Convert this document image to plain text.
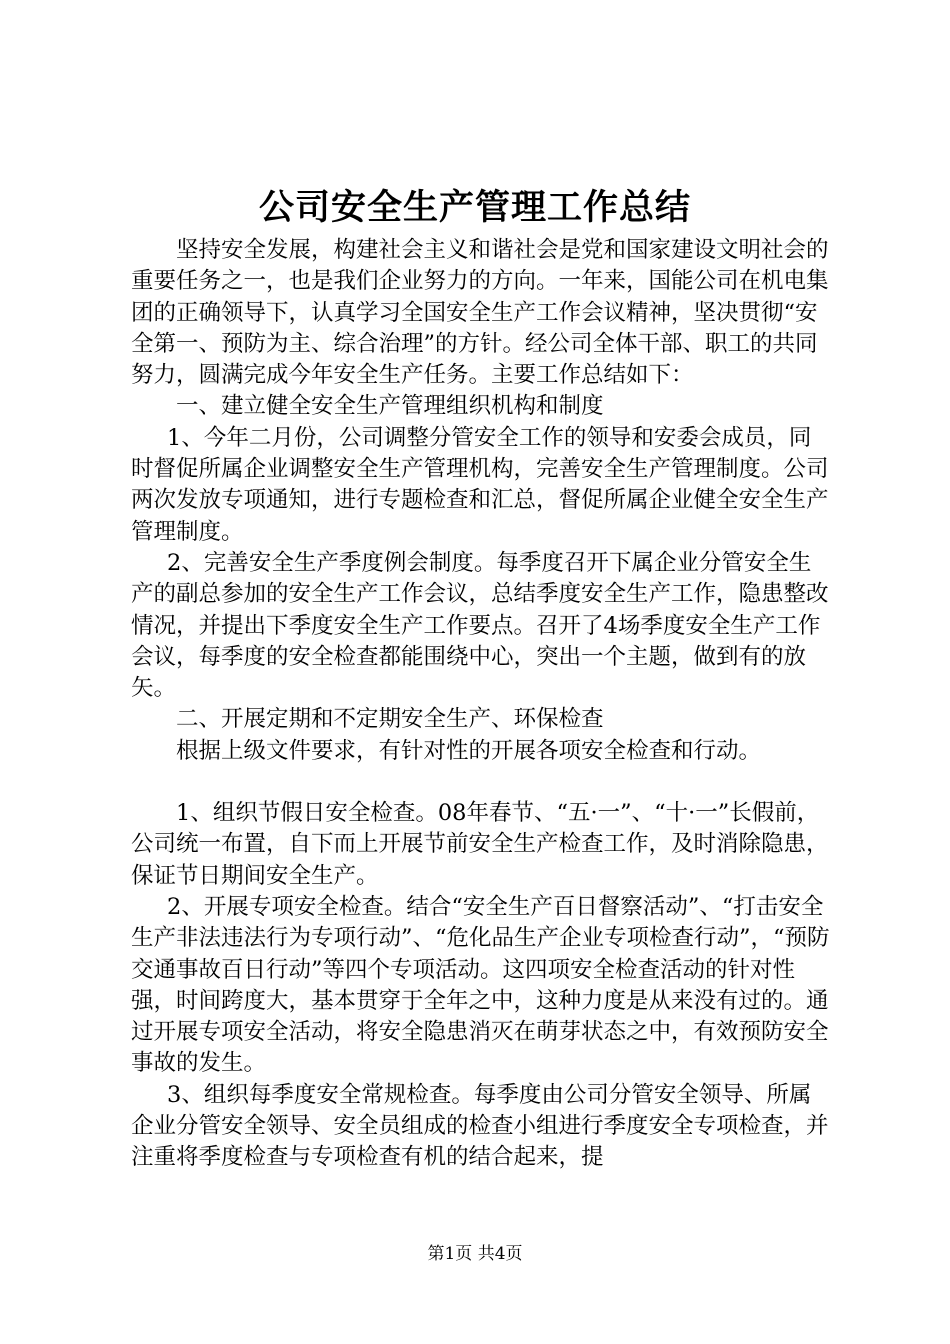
公司安全生产管理工作总结

坚持安全发展，构建社会主义和谐社会是党和国家建设文明社会的重要任务之一，也是我们企业努力的方向。一年来，国能公司在机电集团的正确领导下，认真学习全国安全生产工作会议精神，坚决贯彻“安全第一、预防为主、综合治理”的方针。经公司全体干部、职工的共同努力，圆满完成今年安全生产任务。主要工作总结如下：

一、建立健全安全生产管理组织机构和制度

1、今年二月份，公司调整分管安全工作的领导和安委会成员，同时督促所属企业调整安全生产管理机构，完善安全生产管理制度。公司两次发放专项通知，进行专题检查和汇总，督促所属企业健全安全生产管理制度。

2、完善安全生产季度例会制度。每季度召开下属企业分管安全生产的副总参加的安全生产工作会议，总结季度安全生产工作，隐患整改情况，并提出下季度安全生产工作要点。召开了4场季度安全生产工作会议，每季度的安全检查都能围绕中心，突出一个主题，做到有的放矢。

二、开展定期和不定期安全生产、环保检查

根据上级文件要求，有针对性的开展各项安全检查和行动。

1、组织节假日安全检查。08年春节、“五·一”、“十·一”长假前，公司统一布置，自下而上开展节前安全生产检查工作，及时消除隐患，保证节日期间安全生产。

2、开展专项安全检查。结合“安全生产百日督察活动”、“打击安全生产非法违法行为专项行动”、“危化品生产企业专项检查行动”，“预防交通事故百日行动”等四个专项活动。这四项安全检查活动的针对性强，时间跨度大，基本贯穿于全年之中，这种力度是从来没有过的。通过开展专项安全活动，将安全隐患消灭在萌芽状态之中，有效预防安全事故的发生。

3、组织每季度安全常规检查。每季度由公司分管安全领导、所属企业分管安全领导、安全员组成的检查小组进行季度安全专项检查，并注重将季度检查与专项检查有机的结合起来，提

第1页 共4页
